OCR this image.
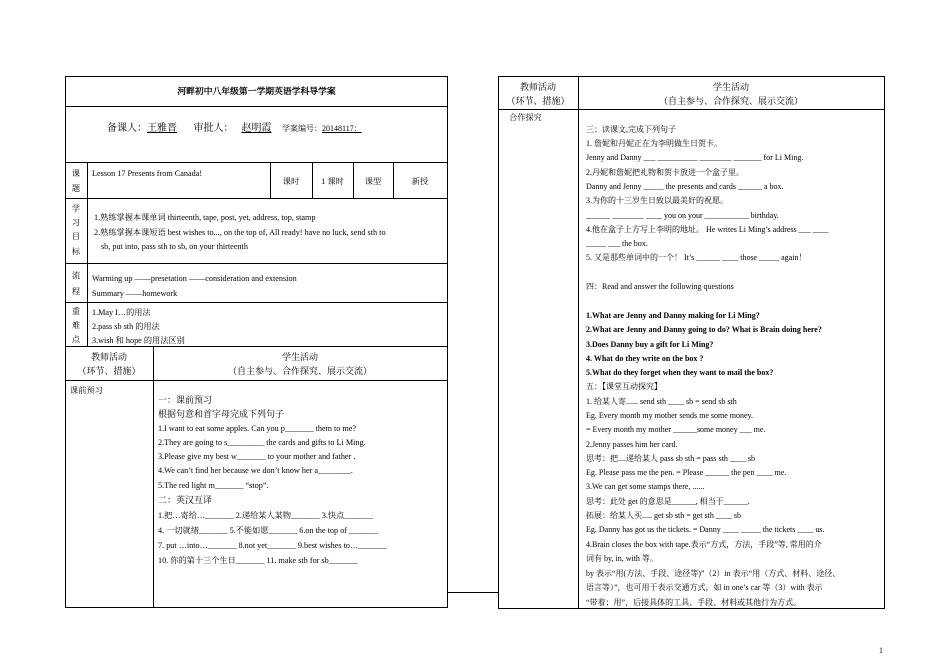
河畔初中八年级第一学期英语学科导学案
备课人：王雅晋 审批人： 赵明霞 学案编号：20148117：
课
题
Lesson 17 Presents from Canada!
课时	1 课时	课型	新授
学
习
目
标
1.熟练掌握本课单词 thirteenth, tape, post, yet, address, top, stamp
2.熟练掌握本课短语 best wishes to..., on the top of, All ready! have no luck, send sth to
sb, put into, pass sth to sb, on your thirteenth
流
程
Warming up ——presetation ——consideration and extension
Summary ——homework
重
难
点
1.May I…的用法
2.pass sb sth 的用法
3.wish 和 hope 的用法区别
教师活动
（环节、措施）
学生活动
（自主参与、合作探究、展示交流）
课前预习
一：课前预习
根据句意和首字母完成下列句子
1.I want to eat some apples. Can you p_______ them to me?
2.They are going to s_________ the cards and gifts to Li Ming.
3.Please give my best w_______ to your mother and father .
4.We can’t find her because we don’t know her a________.
5.The red light m_______ “stop”.
二：英汉互译
1.把…寄给…_______ 2.递给某人某物_______ 3.快点_______
4. 一切就绪_______ 5.不能如愿_______ 6.on the top of _______
7. put …into…_______ 8.not yet_______ 9.best wishes to…_______
10. 你的第十三个生日_______ 11. make sth for sb_______
教师活动
（环节、措施）
学生活动
（自主参与、合作探究、展示交流）
合作探究
三：读课文,完成下列句子
1. 詹妮和丹妮正在为李明做生日贺卡。
Jenny and Danny ___ __________ ________ _______ for Li Ming.
2.丹妮和詹妮把礼物和贺卡放进一个盒子里。
Danny and Jenny _____ the presents and cards ______ a box.
3.为你的十三岁生日致以最美好的祝愿。
______ ________ ____ you on your ___________ birthday.
4.他在盒子上方写上李明的地址。 He writes Li Ming’s address ___ ____
_____ ___ the box.
5. 又是那些单词中的一个！ It’s ______ ____ those _____ again！
四：Read and answer the following questions
1.What are Jenny and Danny making for Li Ming?
2.What are Jenny and Danny going to do? What is Brain doing here?
3.Does Danny buy a gift for Li Ming?
4. What do they write on the box ?
5.What do they forget when they want to mail the box?
五：【课堂互动探究】
1. 给某人寄...... send sth ____ sb = send sb sth
Eg. Every month my mother sends me some money.
= Every month my mother ______some money ___ me.
2.Jenny passes him her card.
思考：把....递给某人 pass sb sth = pass sth ____ sb
Eg. Please pass me the pen. = Please ______ the pen ____ me.
3.We can get some stamps there, ......
思考：此处 get 的意思是______, 相当于______.
拓展：给某人买..... get sb sth = get sth ____ sb
Eg. Danny has got us the tickets. = Danny ____ _____ the tickets ____ us.
4.Brain closes the box with tape.表示“方式，方法，手段”等, 常用的介
词有 by, in, with 等。
by 表示“用(方法、手段、途径等)”（2）in 表示“用（方式、材料、途径、
语言等）”，也可用于表示交通方式，如 in one’s car 等（3）with 表示
“带着；用”，后接具体的工具、手段、材料或其他行为方式。
1
